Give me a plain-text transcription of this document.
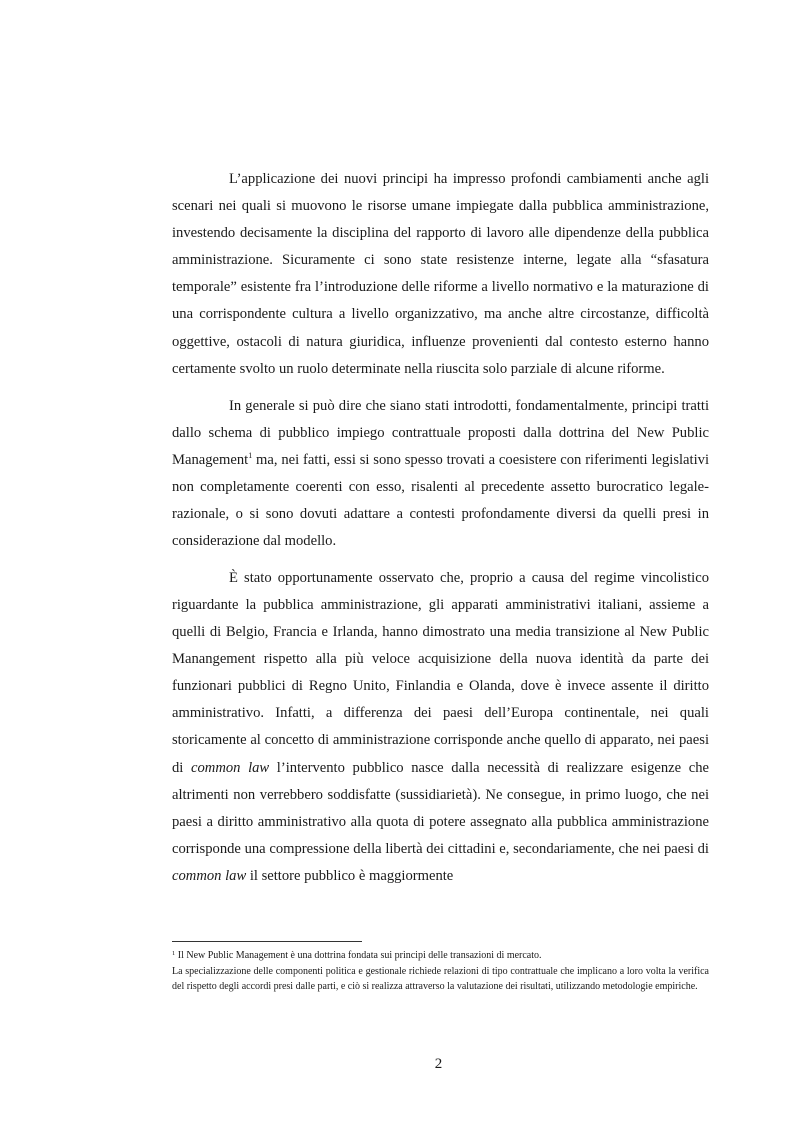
L’applicazione dei nuovi principi ha impresso profondi cambiamenti anche agli scenari nei quali si muovono le risorse umane impiegate dalla pubblica amministrazione, investendo decisamente la disciplina del rapporto di lavoro alle dipendenze della pubblica amministrazione. Sicuramente ci sono state resistenze interne, legate alla “sfasatura temporale” esistente fra l’introduzione delle riforme a livello normativo e la maturazione di una corrispondente cultura a livello organizzativo, ma anche altre circostanze, difficoltà oggettive, ostacoli di natura giuridica, influenze provenienti dal contesto esterno hanno certamente svolto un ruolo determinate nella riuscita solo parziale di alcune riforme.

In generale si può dire che siano stati introdotti, fondamentalmente, principi tratti dallo schema di pubblico impiego contrattuale proposti dalla dottrina del New Public Management$^1$ ma, nei fatti, essi si sono spesso trovati a coesistere con riferimenti legislativi non completamente coerenti con esso, risalenti al precedente assetto burocratico legale-razionale, o si sono dovuti adattare a contesti profondamente diversi da quelli presi in considerazione dal modello.

È stato opportunamente osservato che, proprio a causa del regime vincolistico riguardante la pubblica amministrazione, gli apparati amministrativi italiani, assieme a quelli di Belgio, Francia e Irlanda, hanno dimostrato una media transizione al New Public Manangement rispetto alla più veloce acquisizione della nuova identità da parte dei funzionari pubblici di Regno Unito, Finlandia e Olanda, dove è invece assente il diritto amministrativo. Infatti, a differenza dei paesi dell’Europa continentale, nei quali storicamente al concetto di amministrazione corrisponde anche quello di apparato, nei paesi di common law l’intervento pubblico nasce dalla necessità di realizzare esigenze che altrimenti non verrebbero soddisfatte (sussidiarietà). Ne consegue, in primo luogo, che nei paesi a diritto amministrativo alla quota di potere assegnato alla pubblica amministrazione corrisponde una compressione della libertà dei cittadini e, secondariamente, che nei paesi di common law il settore pubblico è maggiormente

$^1$ Il New Public Management è una dottrina fondata sui principi delle transazioni di mercato.

La specializzazione delle componenti politica e gestionale richiede relazioni di tipo contrattuale che implicano a loro volta la verifica del rispetto degli accordi presi dalle parti, e ciò si realizza attraverso la valutazione dei risultati, utilizzando metodologie empiriche.

2
